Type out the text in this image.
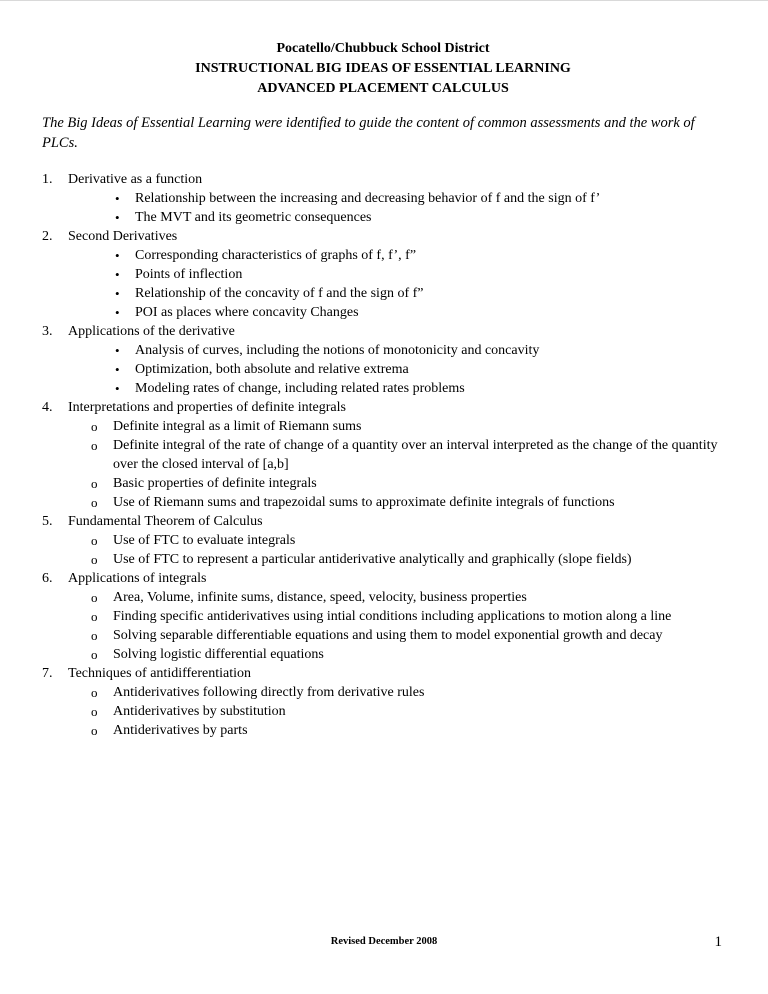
Pocatello/Chubbuck School District
INSTRUCTIONAL BIG IDEAS OF ESSENTIAL LEARNING
ADVANCED PLACEMENT CALCULUS

The Big Ideas of Essential Learning were identified to guide the content of common assessments and the work of PLCs.

1.	Derivative as a function
•	Relationship between the increasing and decreasing behavior of f and the sign of f’
•	The MVT and its geometric consequences
2.	Second Derivatives
•	Corresponding characteristics of graphs of f, f’, f”
•	Points of inflection
•	Relationship of the concavity of f and the sign of f”
•	POI as places where concavity Changes
3.	Applications of the derivative
•	Analysis of curves, including the notions of monotonicity and concavity
•	Optimization, both absolute and relative extrema
•	Modeling rates of change, including related rates problems
4.	Interpretations and properties of definite integrals
o	Definite integral as a limit of Riemann sums
o	Definite integral of the rate of change of a quantity over an interval interpreted as the change of the quantity over the closed interval of [a,b]
o	Basic properties of definite integrals
o	Use of Riemann sums and trapezoidal sums to approximate definite integrals of functions
5.	Fundamental Theorem of Calculus
o	Use of FTC to evaluate integrals
o	Use of FTC to represent a particular antiderivative analytically and graphically (slope fields)
6.	Applications of integrals
o	Area, Volume, infinite sums, distance, speed, velocity, business properties
o	Finding specific antiderivatives using intial conditions including applications to motion along a line
o	Solving separable differentiable equations and using them to model exponential growth and decay
o	Solving logistic differential equations
7.	Techniques of antidifferentiation
o	Antiderivatives following directly from derivative rules
o	Antiderivatives by substitution
o	Antiderivatives by parts
Revised December 2008	1
